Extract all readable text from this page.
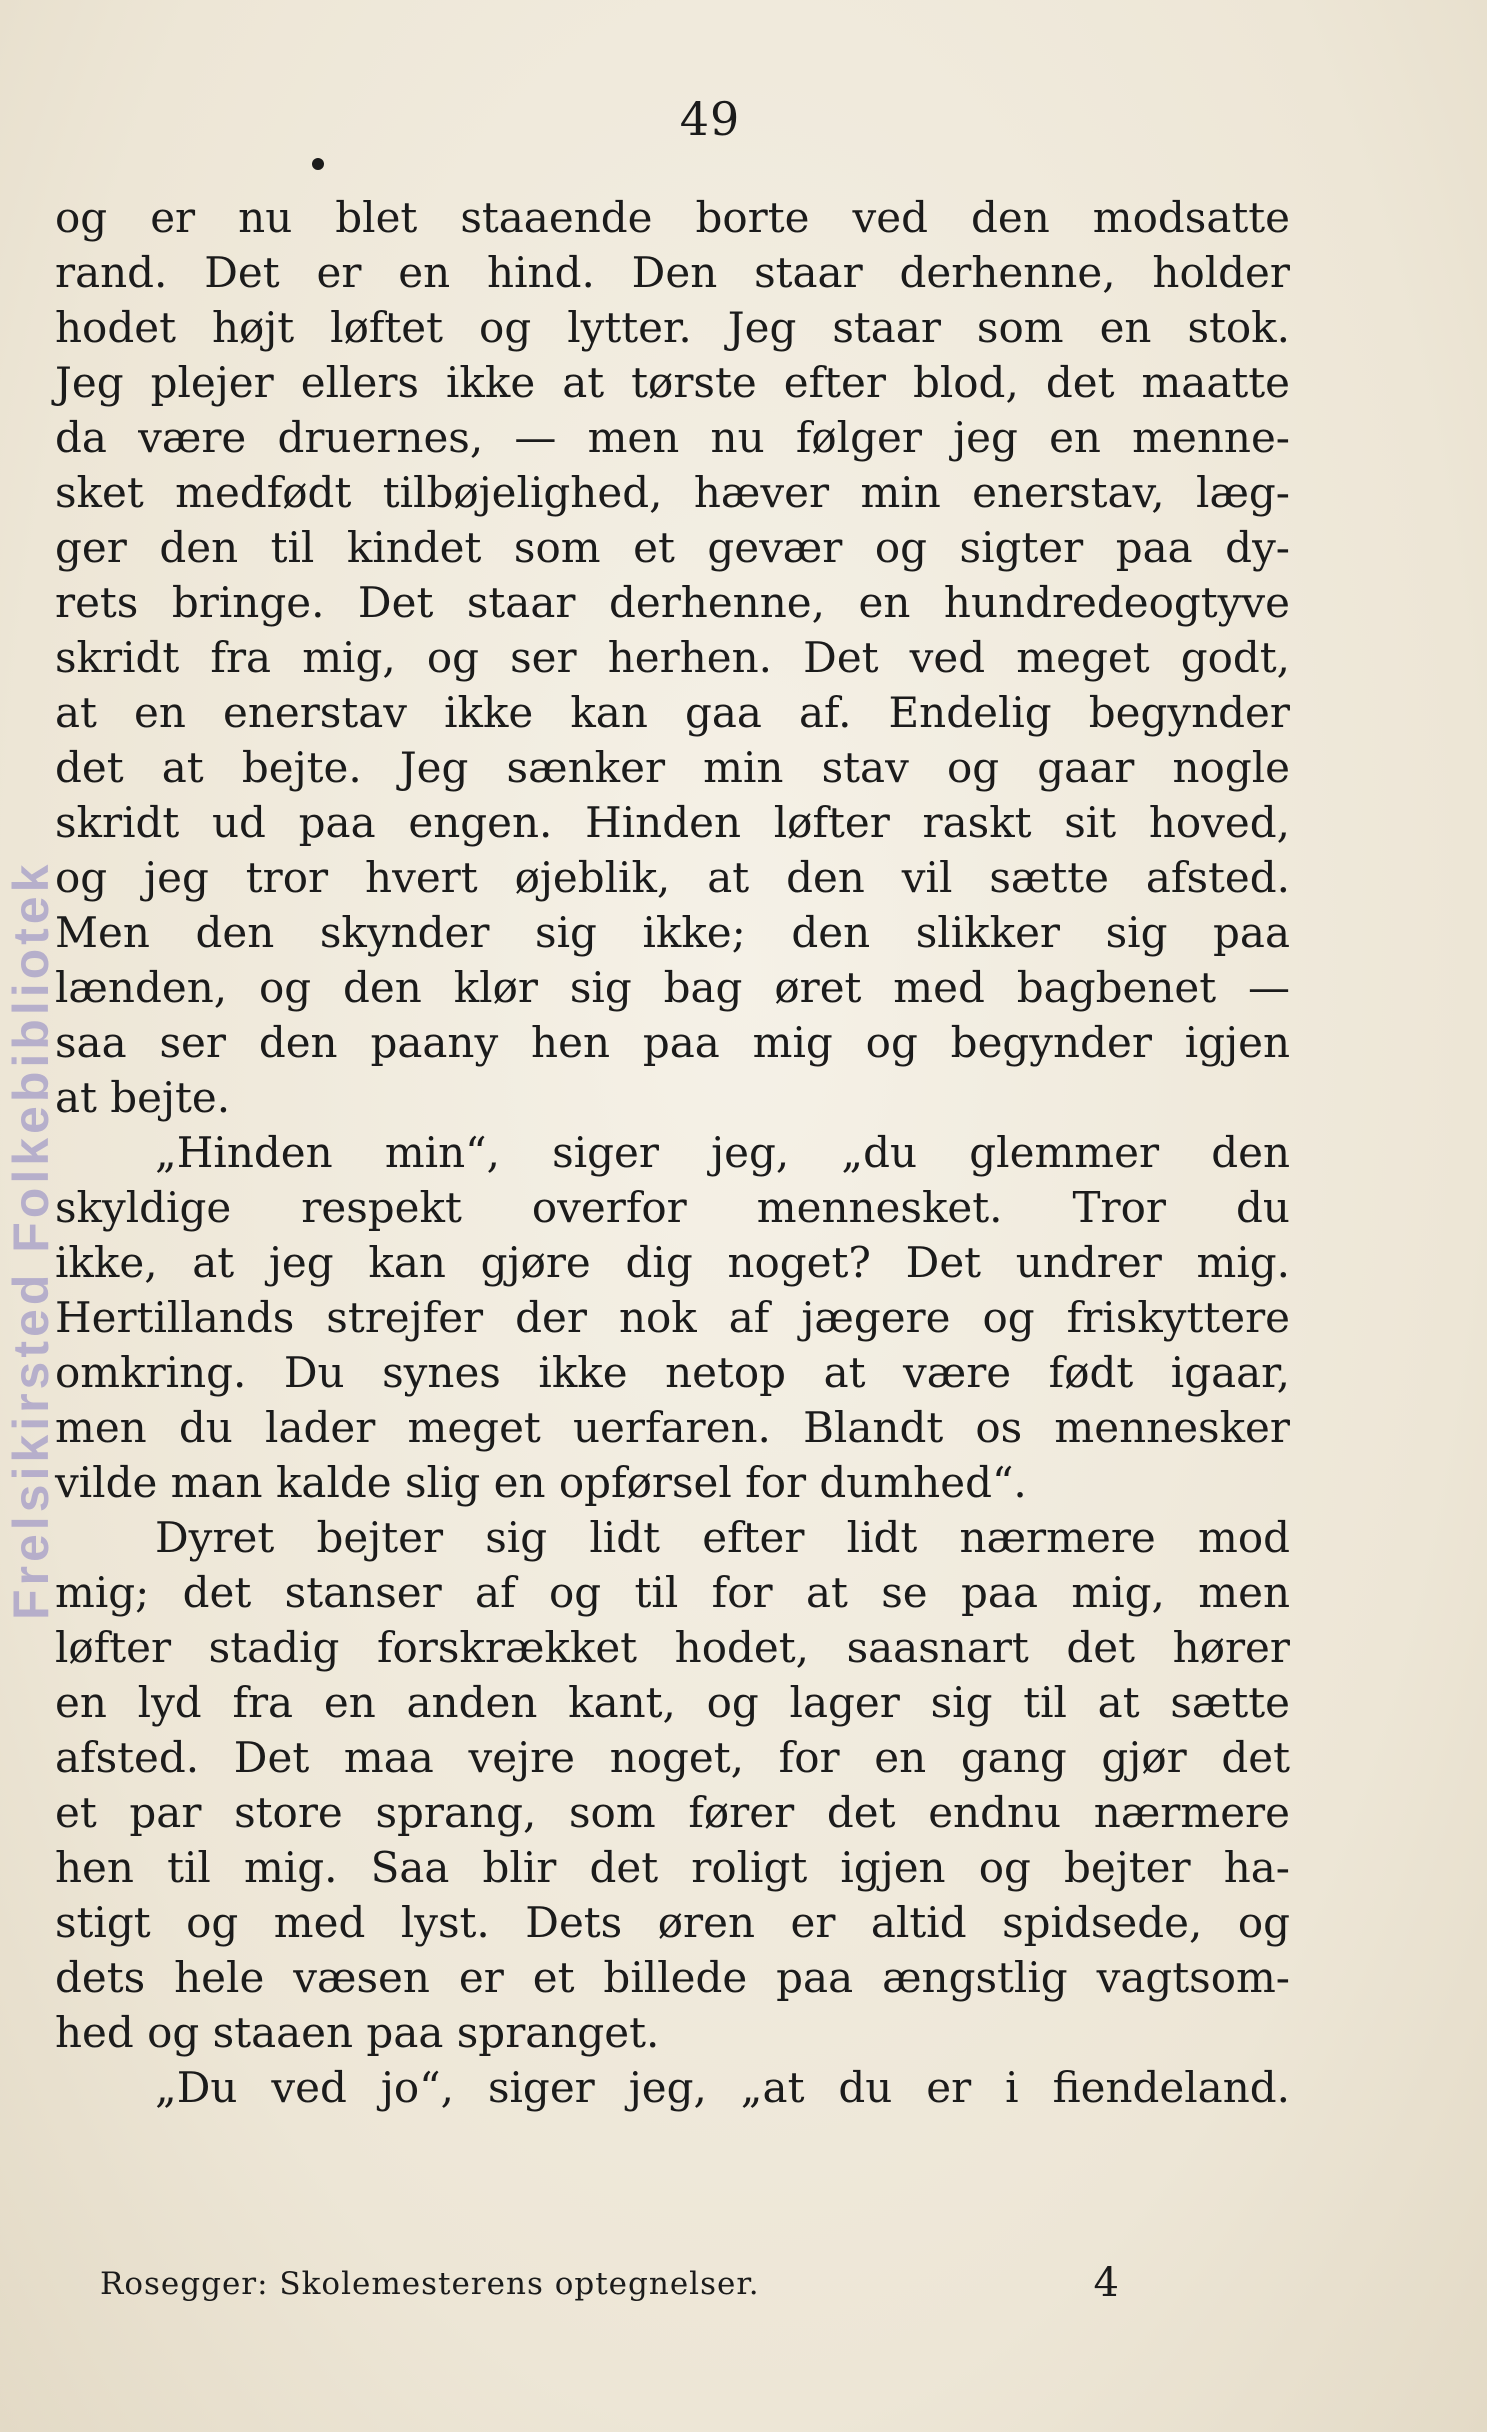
49
Frelsikirsted Folkebibliotek
og er nu blet staaende borte ved den modsatte
rand. Det er en hind. Den staar derhenne, holder
hodet højt løftet og lytter. Jeg staar som en stok.
Jeg plejer ellers ikke at tørste efter blod, det maatte
da være druernes, — men nu følger jeg en menne-
sket medfødt tilbøjelighed, hæver min enerstav, læg-
ger den til kindet som et gevær og sigter paa dy-
rets bringe. Det staar derhenne, en hundredeogtyve
skridt fra mig, og ser herhen. Det ved meget godt,
at en enerstav ikke kan gaa af. Endelig begynder
det at bejte. Jeg sænker min stav og gaar nogle
skridt ud paa engen. Hinden løfter raskt sit hoved,
og jeg tror hvert øjeblik, at den vil sætte afsted.
Men den skynder sig ikke; den slikker sig paa
lænden, og den klør sig bag øret med bagbenet —
saa ser den paany hen paa mig og begynder igjen
at bejte.
„Hinden min“, siger jeg, „du glemmer den
skyldige respekt overfor mennesket. Tror du
ikke, at jeg kan gjøre dig noget? Det undrer mig.
Hertillands strejfer der nok af jægere og friskyttere
omkring. Du synes ikke netop at være født igaar,
men du lader meget uerfaren. Blandt os mennesker
vilde man kalde slig en opførsel for dumhed“.
Dyret bejter sig lidt efter lidt nærmere mod
mig; det stanser af og til for at se paa mig, men
løfter stadig forskrækket hodet, saasnart det hører
en lyd fra en anden kant, og lager sig til at sætte
afsted. Det maa vejre noget, for en gang gjør det
et par store sprang, som fører det endnu nærmere
hen til mig. Saa blir det roligt igjen og bejter ha-
stigt og med lyst. Dets øren er altid spidsede, og
dets hele væsen er et billede paa ængstlig vagtsom-
hed og staaen paa spranget.
„Du ved jo“, siger jeg, „at du er i fiendeland.
Rosegger: Skolemesterens optegnelser.	4
